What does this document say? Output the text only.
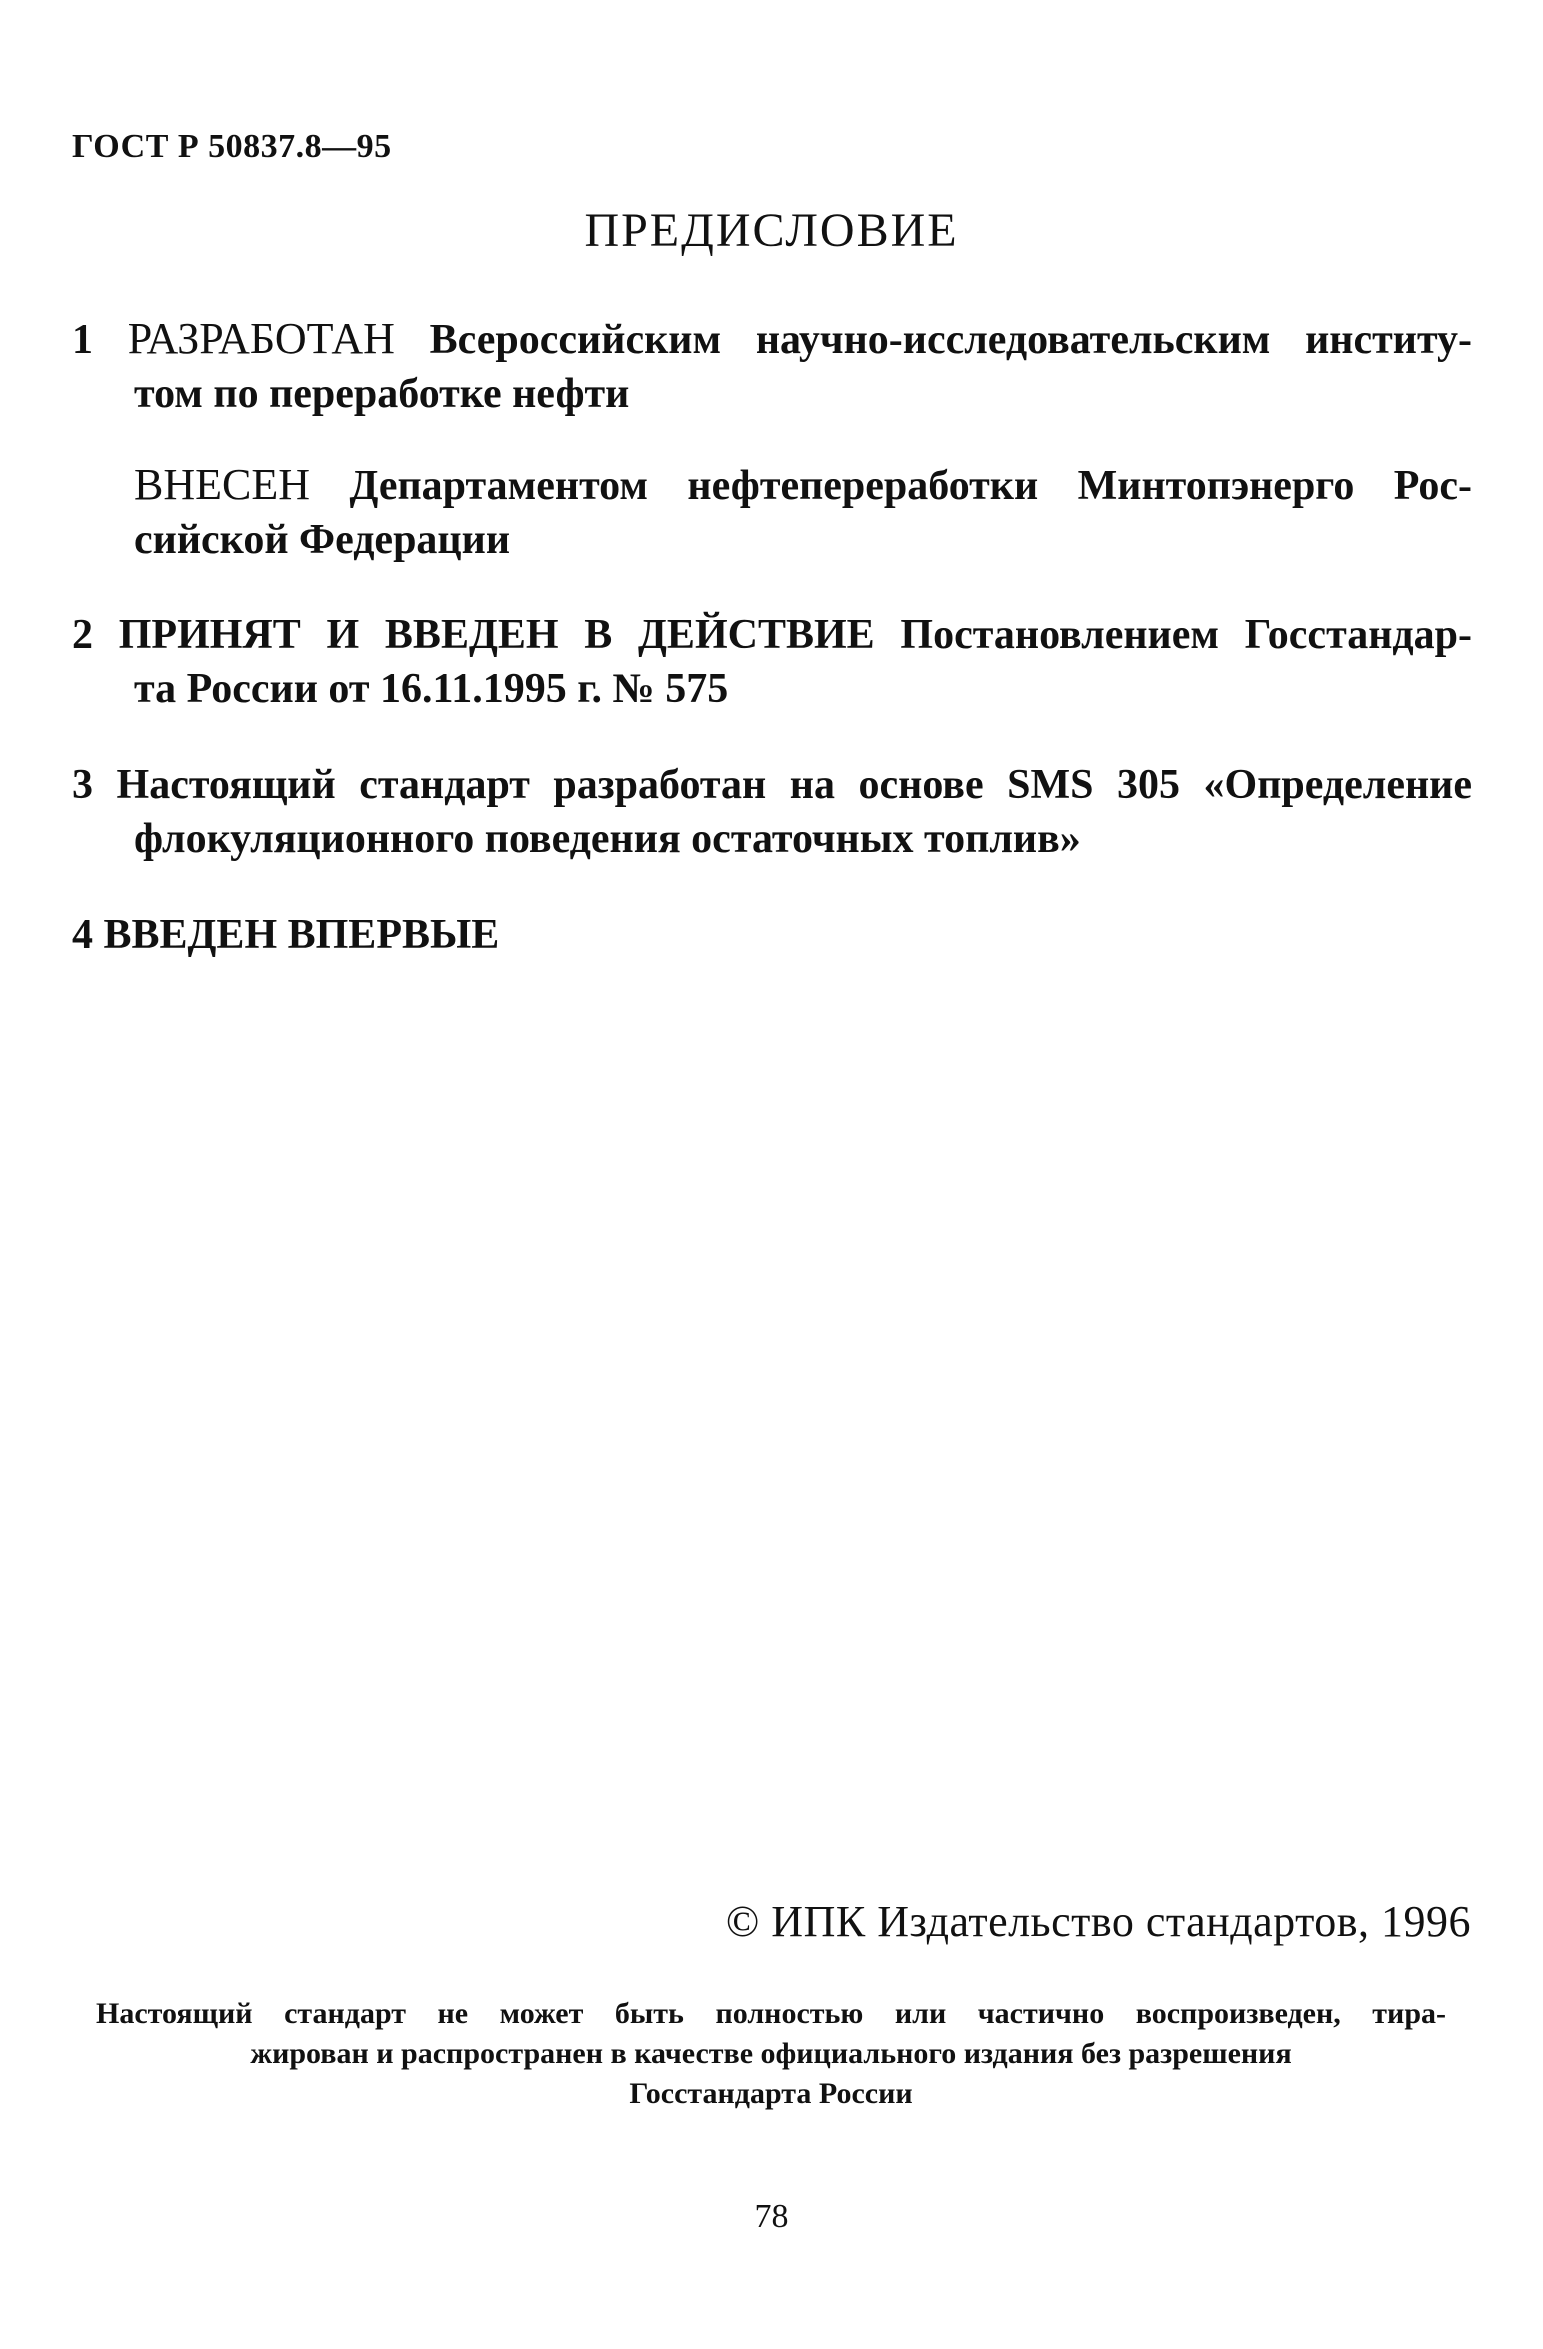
ГОСТ Р 50837.8—95
ПРЕДИСЛОВИЕ
1 РАЗРАБОТАН Всероссийским научно-исследовательским институ-
том по переработке нефти
ВНЕСЕН Департаментом нефтепереработки Минтопэнерго Рос-
сийской Федерации
2 ПРИНЯТ И ВВЕДЕН В ДЕЙСТВИЕ Постановлением Госстандар-
та России от 16.11.1995 г. № 575
3 Настоящий стандарт разработан на основе SMS 305 «Определение
флокуляционного поведения остаточных топлив»
4 ВВЕДЕН ВПЕРВЫЕ
© ИПК Издательство стандартов, 1996
Настоящий стандарт не может быть полностью или частично воспроизведен, тира-
жирован и распространен в качестве официального издания без разрешения
Госстандарта России
78
